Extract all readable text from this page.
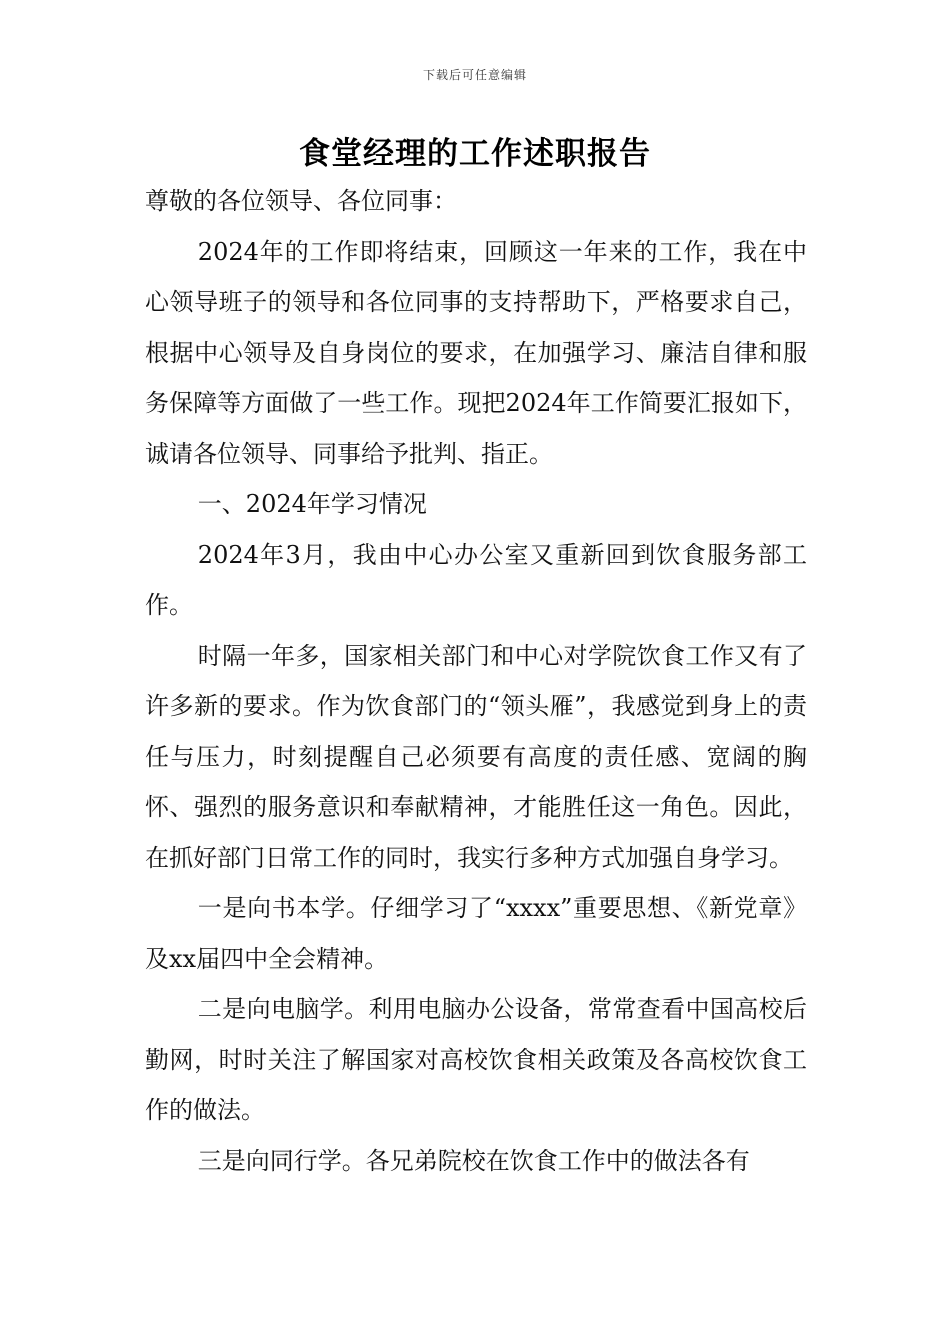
下载后可任意编辑
食堂经理的工作述职报告

尊敬的各位领导、各位同事：

2024年的工作即将结束，回顾这一年来的工作，我在中心领导班子的领导和各位同事的支持帮助下，严格要求自己，根据中心领导及自身岗位的要求，在加强学习、廉洁自律和服务保障等方面做了一些工作。现把2024年工作简要汇报如下，诚请各位领导、同事给予批判、指正。

一、2024年学习情况

2024年3月，我由中心办公室又重新回到饮食服务部工作。

时隔一年多，国家相关部门和中心对学院饮食工作又有了许多新的要求。作为饮食部门的“领头雁”，我感觉到身上的责任与压力，时刻提醒自己必须要有高度的责任感、宽阔的胸怀、强烈的服务意识和奉献精神，才能胜任这一角色。因此，在抓好部门日常工作的同时，我实行多种方式加强自身学习。

一是向书本学。仔细学习了“xxxx”重要思想、《新党章》及xx届四中全会精神。

二是向电脑学。利用电脑办公设备，常常查看中国高校后勤网，时时关注了解国家对高校饮食相关政策及各高校饮食工作的做法。

三是向同行学。各兄弟院校在饮食工作中的做法各有
